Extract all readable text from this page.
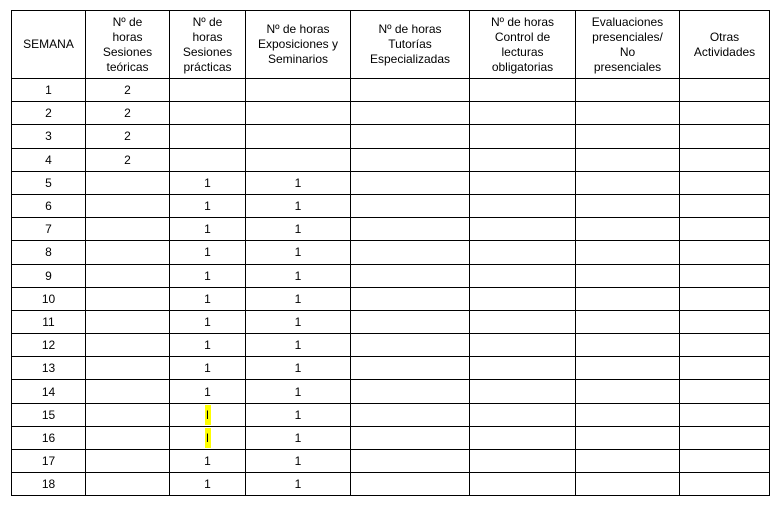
SEMANA	Nº de
horas
Sesiones
teóricas	Nº de
horas
Sesiones
prácticas	Nº de horas
Exposiciones y
Seminarios	Nº de horas
Tutorías
Especializadas	Nº de horas
Control de
lecturas
obligatorias	Evaluaciones
presenciales/
No
presenciales	Otras
Actividades
1	2						
2	2						
3	2						
4	2						
5		1	1				
6		1	1				
7		1	1				
8		1	1				
9		1	1				
10		1	1				
11		1	1				
12		1	1				
13		1	1				
14		1	1				
15		l	1				
16		l	1				
17		1	1				
18		1	1				
